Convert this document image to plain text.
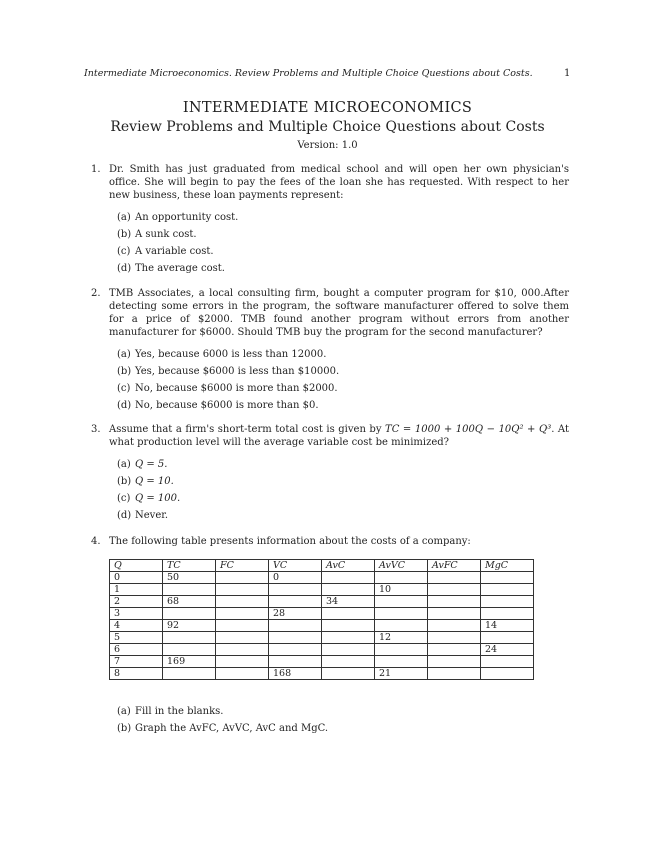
Intermediate Microeconomics. Review Problems and Multiple Choice Questions about Costs.	1
INTERMEDIATE MICROECONOMICS
Review Problems and Multiple Choice Questions about Costs
Version: 1.0
1. Dr. Smith has just graduated from medical school and will open her own physician's office. She will begin to pay the fees of the loan she has requested. With respect to her new business, these loan payments represent:
(a) An opportunity cost.
(b) A sunk cost.
(c) A variable cost.
(d) The average cost.
2. TMB Associates, a local consulting firm, bought a computer program for $10, 000.After detecting some errors in the program, the software manufacturer offered to solve them for a price of $2000. TMB found another program without errors from another manufacturer for $6000. Should TMB buy the program for the second manufacturer?
(a) Yes, because 6000 is less than 12000.
(b) Yes, because $6000 is less than $10000.
(c) No, because $6000 is more than $2000.
(d) No, because $6000 is more than $0.
3. Assume that a firm's short-term total cost is given by TC = 1000 + 100Q − 10Q² + Q³. At what production level will the average variable cost be minimized?
(a) Q = 5.
(b) Q = 10.
(c) Q = 100.
(d) Never.
4. The following table presents information about the costs of a company:
Q	TC	FC	VC	AvC	AvVC	AvFC	MgC
0	50		0				
1					10		
2	68			34			
3			28				
4	92						14
5					12		
6							24
7	169						
8			168		21		
(a) Fill in the blanks.
(b) Graph the AvFC, AvVC, AvC and MgC.
